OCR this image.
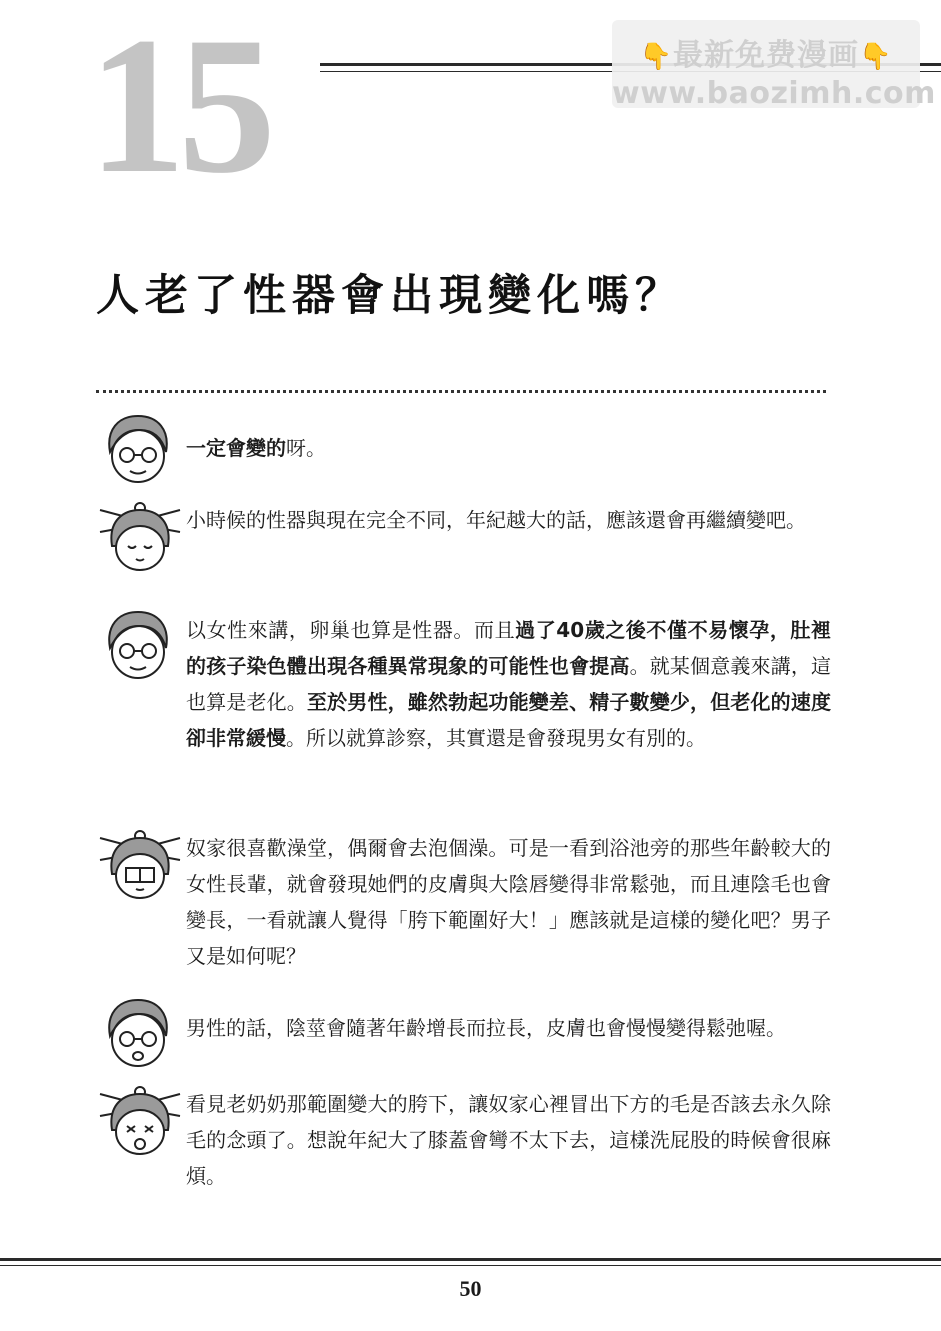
15	👇最新免费漫画👇
www.baozimh.com
人老了性器會出現變化嗎？
一定會變的呀。
小時候的性器與現在完全不同，年紀越大的話，應該還會再繼續變吧。
以女性來講，卵巢也算是性器。而且過了40歲之後不僅不易懷孕，肚裡的孩子染色體出現各種異常現象的可能性也會提高。就某個意義來講，這也算是老化。至於男性，雖然勃起功能變差、精子數變少，但老化的速度卻非常緩慢。所以就算診察，其實還是會發現男女有別的。
奴家很喜歡澡堂，偶爾會去泡個澡。可是一看到浴池旁的那些年齡較大的女性長輩，就會發現她們的皮膚與大陰唇變得非常鬆弛，而且連陰毛也會變長，一看就讓人覺得「胯下範圍好大！」應該就是這樣的變化吧？男子又是如何呢？
男性的話，陰莖會隨著年齡增長而拉長，皮膚也會慢慢變得鬆弛喔。
看見老奶奶那範圍變大的胯下，讓奴家心裡冒出下方的毛是否該去永久除毛的念頭了。想說年紀大了膝蓋會彎不太下去，這樣洗屁股的時候會很麻煩。
50
